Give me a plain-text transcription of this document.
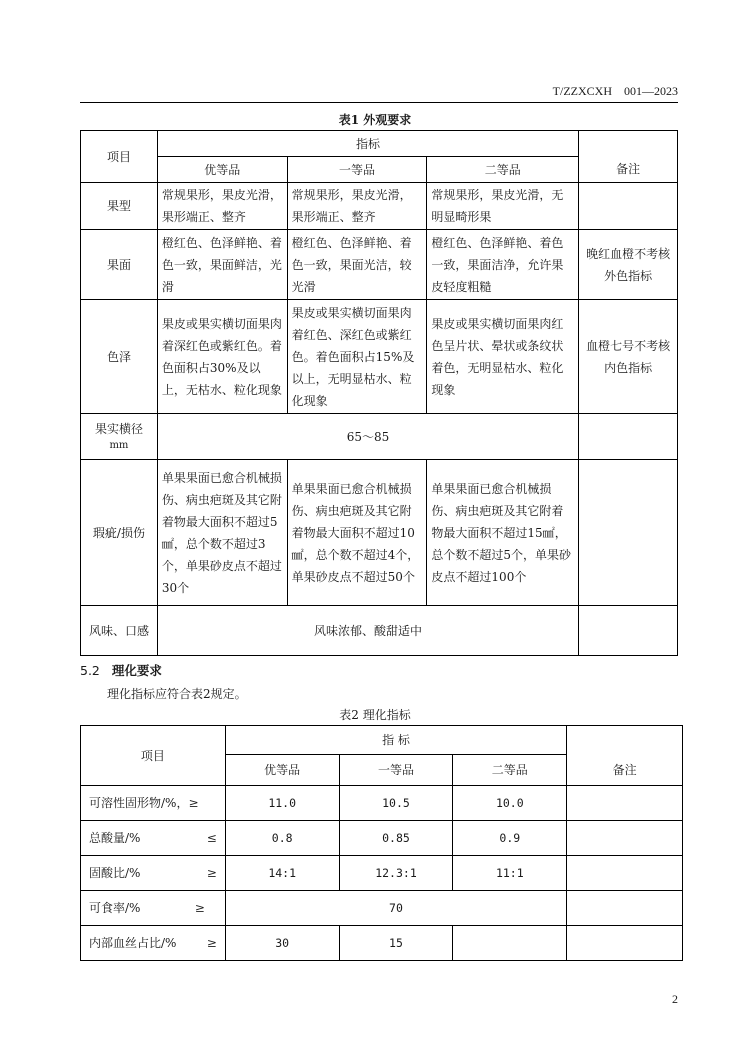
T/ZZXCXH　001—2023
表1 外观要求
项目	指标			
	优等品	一等品	二等品	备注
果型	常规果形，果皮光滑，果形端正、整齐	常规果形，果皮光滑，果形端正、整齐	常规果形，果皮光滑，无明显畸形果	
果面	橙红色、色泽鲜艳、着色一致，果面鲜洁，光滑	橙红色、色泽鲜艳、着色一致，果面光洁，较光滑	橙红色、色泽鲜艳、着色一致，果面洁净，允许果皮轻度粗糙	晚红血橙不考核外色指标
色泽	果皮或果实横切面果肉着深红色或紫红色。着色面积占30%及以上，无枯水、粒化现象	果皮或果实横切面果肉着红色、深红色或紫红色。着色面积占15%及以上，无明显枯水、粒化现象	果皮或果实横切面果肉红色呈片状、晕状或条纹状着色，无明显枯水、粒化现象	血橙七号不考核内色指标

果实横径
mm	65～85			
瑕疵/损伤	单果果面已愈合机械损伤、病虫疤斑及其它附着物最大面积不超过5㎟，总个数不超过3个，单果砂皮点不超过30个	单果果面已愈合机械损伤、病虫疤斑及其它附着物最大面积不超过10㎟，总个数不超过4个，单果砂皮点不超过50个	单果果面已愈合机械损伤、病虫疤斑及其它附着物最大面积不超过15㎟，总个数不超过5个，单果砂皮点不超过100个	
风味、口感	风味浓郁、酸甜适中			
5.2 理化要求
理化指标应符合表2规定。
表2 理化指标
项目	指 标			
	优等品	一等品	二等品	备注
可溶性固形物/%，≥	11.0	10.5	10.0	
总酸量/% ≤	0.8	0.85	0.9	
固酸比/% ≥	14:1	12.3:1	11:1	
可食率/% ≥	70			
内部血丝占比/% ≥	30	15		
2
